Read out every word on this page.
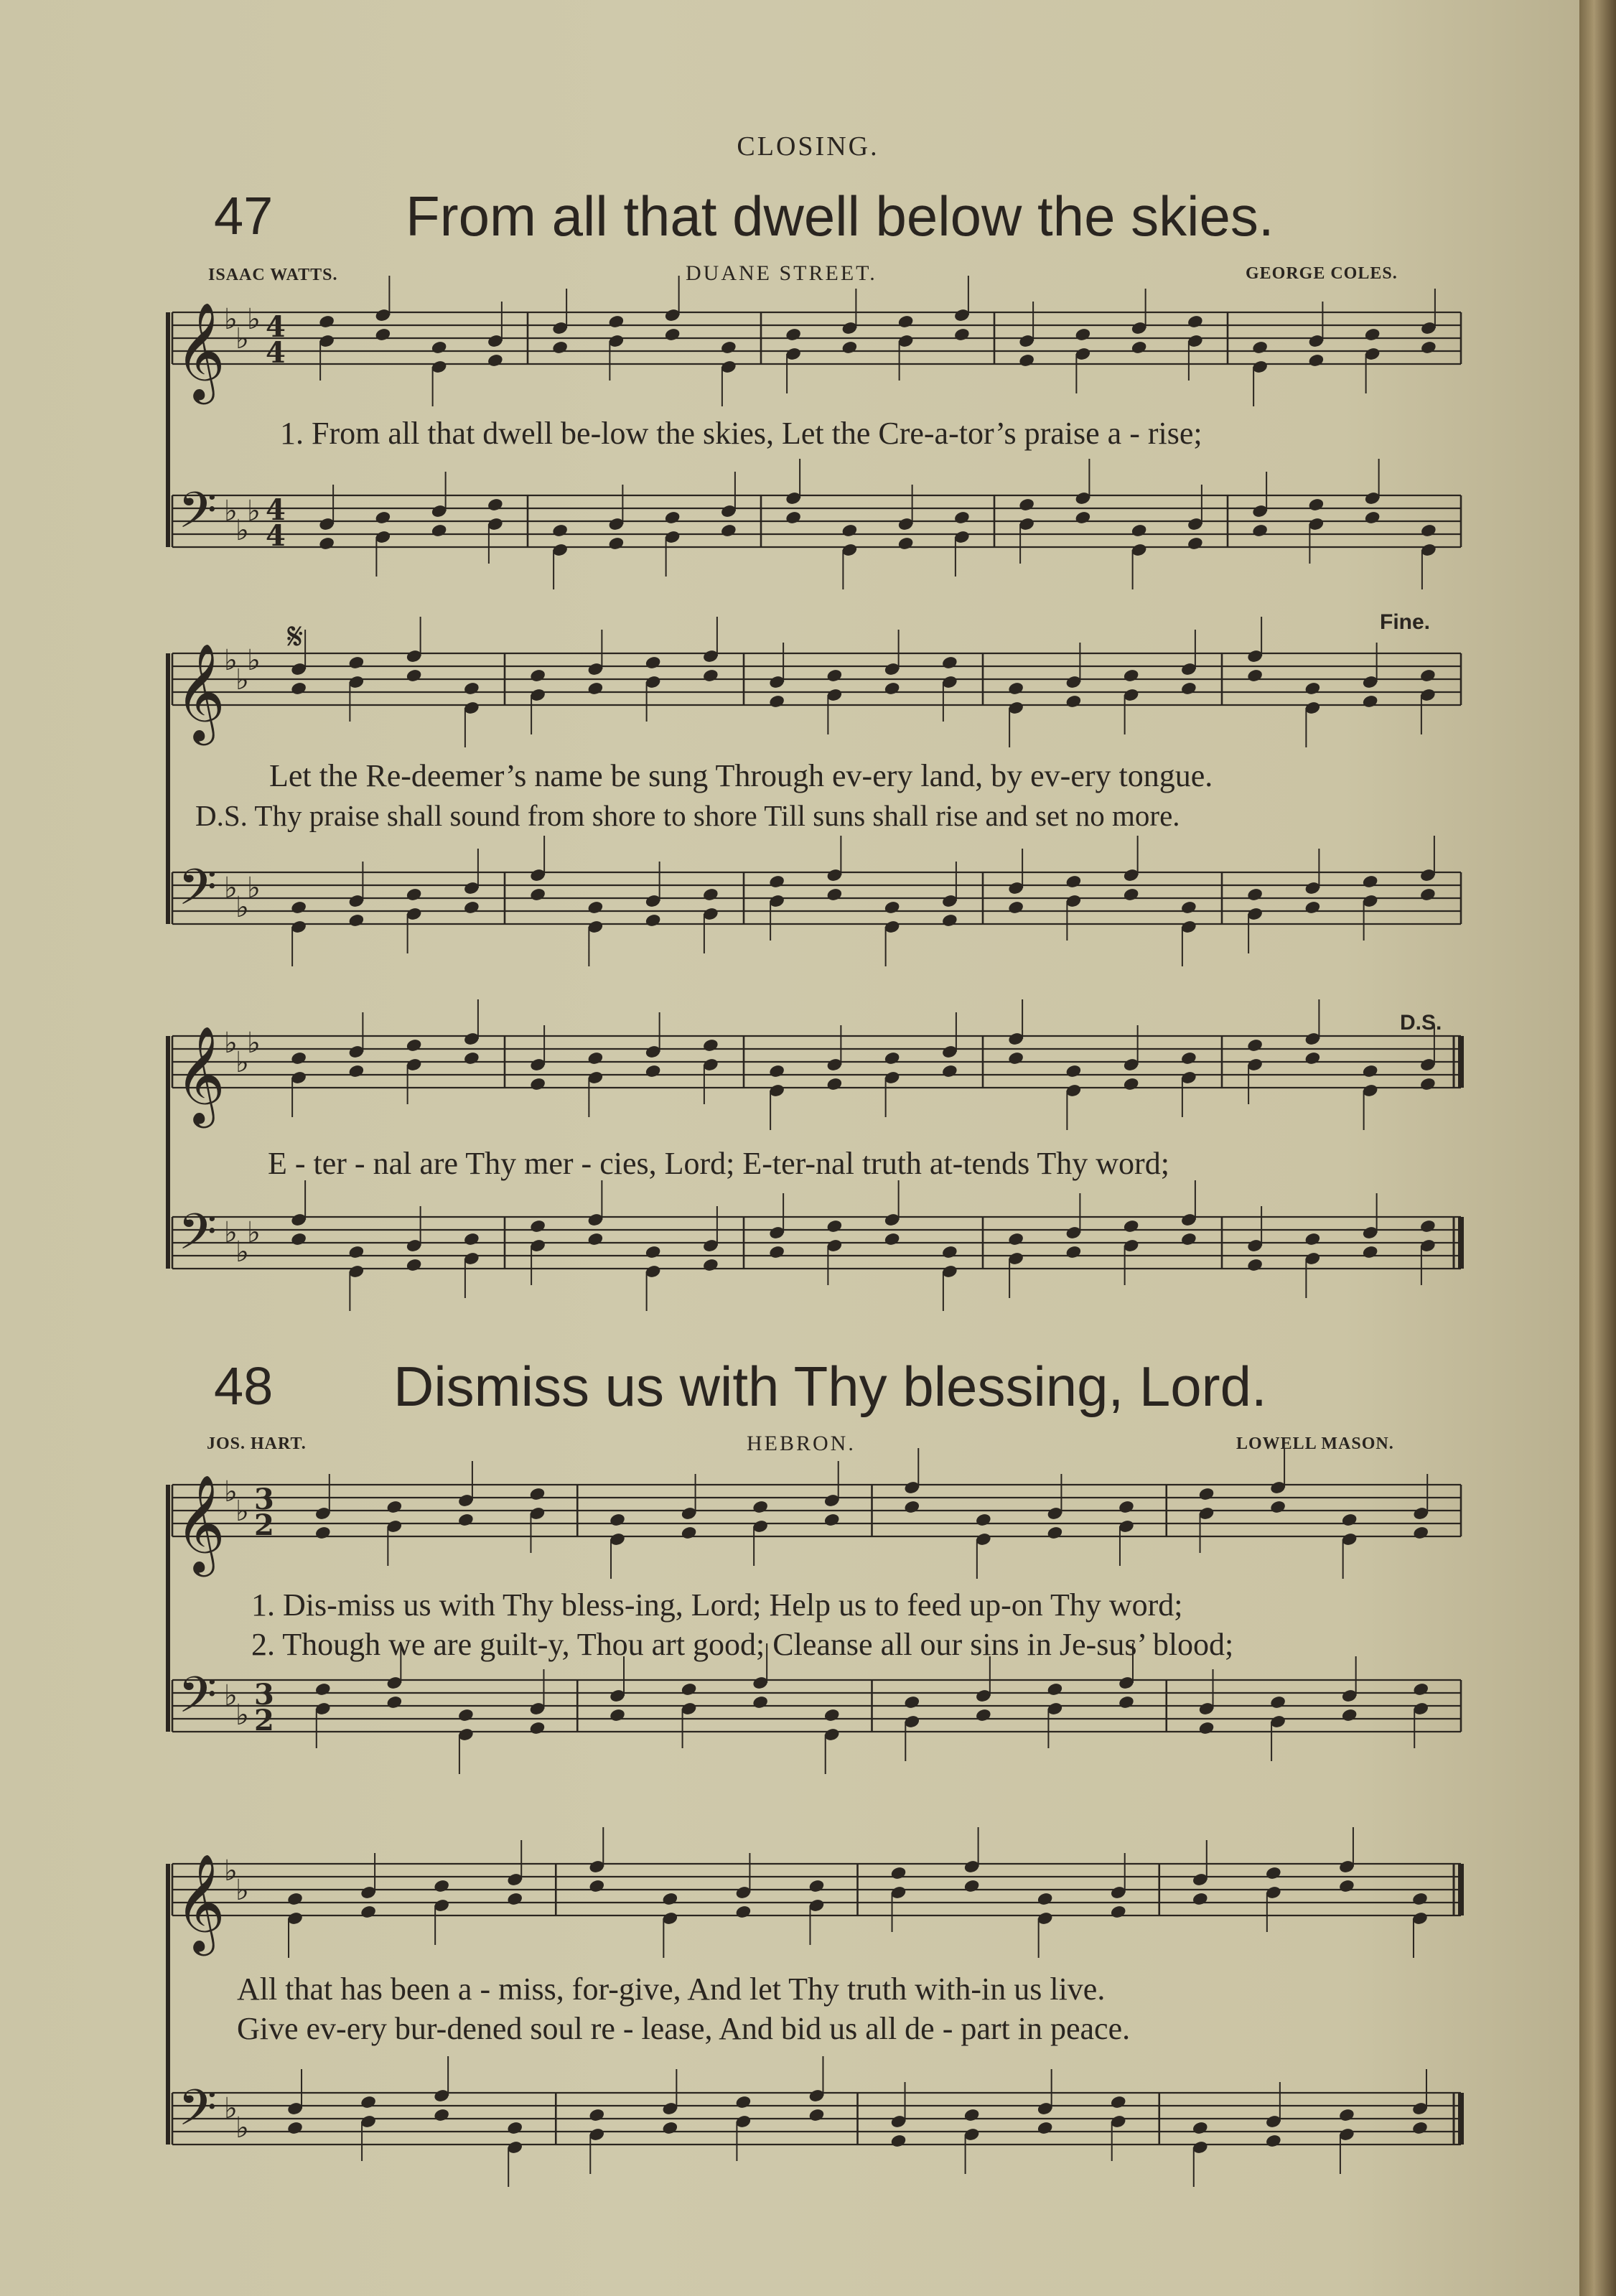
CLOSING.
47 From all that dwell below the skies.
ISAAC WATTS.	DUANE STREET.	GEORGE COLES.
1. From all that dwell be-low the skies, Let the Cre-a-tor’s praise a - rise;
Let the Re-deemer’s name be sung Through ev-ery land, by ev-ery tongue.
D.S. Thy praise shall sound from shore to shore Till suns shall rise and set no more.
E - ter - nal are Thy mer - cies, Lord; E-ter-nal truth at-tends Thy word;
𝄋	Fine.
D.S.
48 Dismiss us with Thy blessing, Lord.
JOS. HART.	HEBRON.	LOWELL MASON.
1. Dis-miss us with Thy bless-ing, Lord; Help us to feed up-on Thy word;
2. Though we are guilt-y, Thou art good; Cleanse all our sins in Je-sus’ blood;
All that has been a - miss, for-give, And let Thy truth with-in us live.
Give ev-ery bur-dened soul re - lease, And bid us all de - part in peace.
𝄞
𝄢
♭
♭
♭
♭
♭
♭
4
4
4
4
𝄞
𝄢
♭
♭
♭
♭
♭
♭
𝄞
𝄢
♭
♭
♭
♭
♭
♭
𝄞
𝄢
♭
♭
♭
♭
3
2
3
2
𝄞
𝄢
♭
♭
♭
♭
